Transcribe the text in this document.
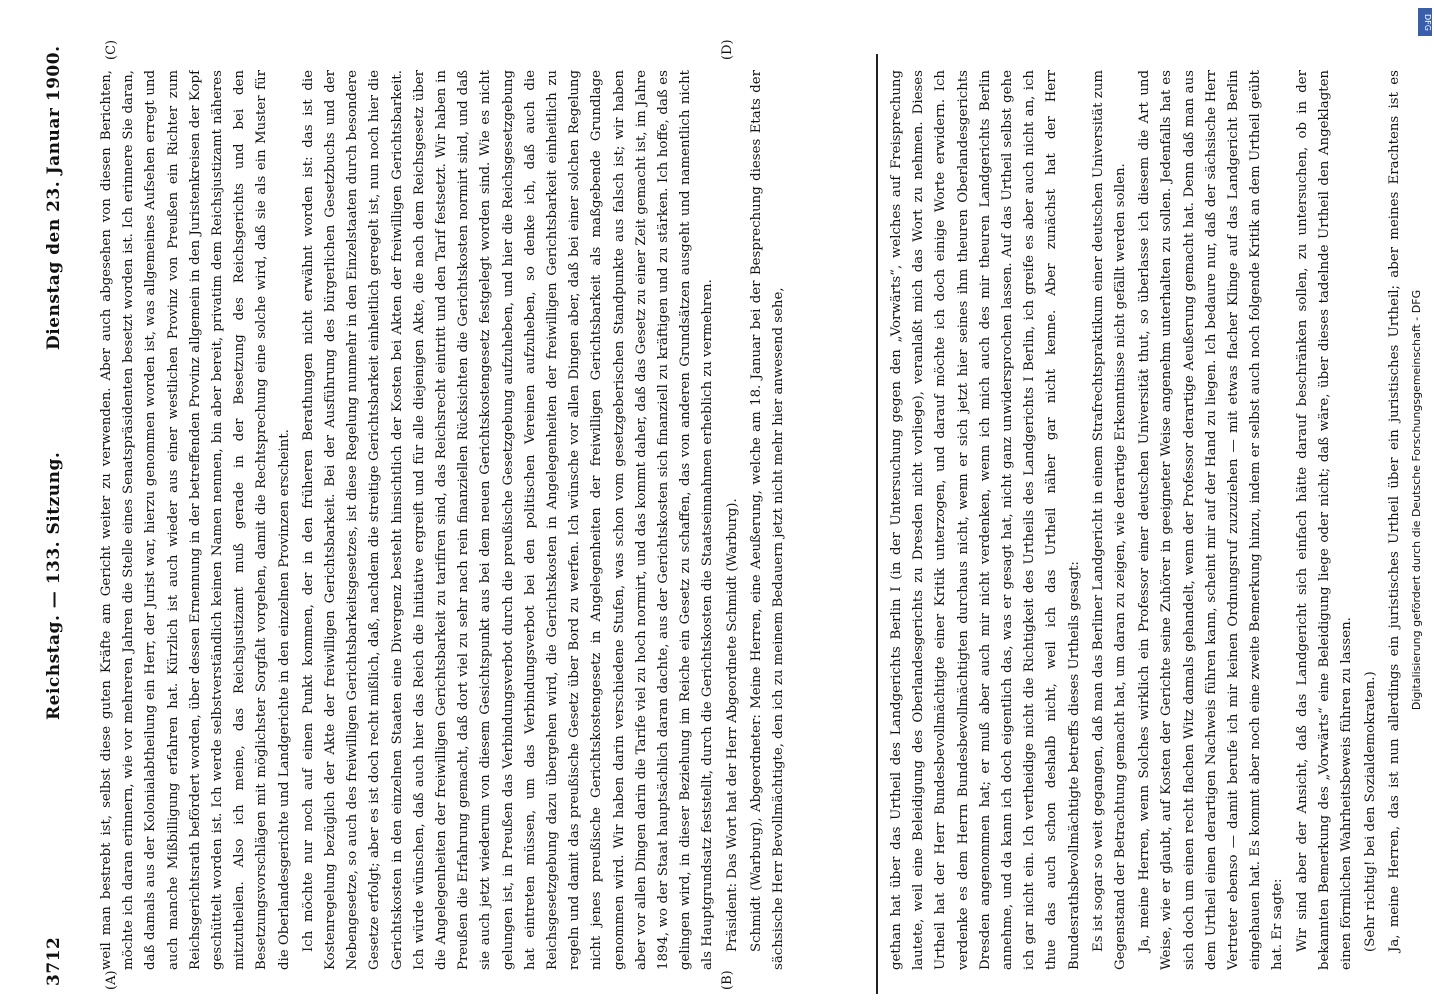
3712
Reichstag. — 133. Sitzung.
Dienstag den 23. Januar 1900.
(A)
(C)
(B)
(D)

weil man bestrebt ist, selbst diese guten Kräfte am Gericht weiter zu verwenden. Aber auch abgesehen von diesen Berichten, möchte ich daran erinnern, wie vor mehreren Jahren die Stelle eines Senatspräsidenten besetzt worden ist. Ich erinnere Sie daran, daß damals aus der Kolonialabtheilung ein Herr, der Jurist war, hierzu genommen worden ist, was allgemeines Aufsehen erregt und auch manche Mißbilligung erfahren hat. Kürzlich ist auch wieder aus einer westlichen Provinz von Preußen ein Richter zum Reichsgerichtsrath befördert worden, über dessen Ernennung in der betreffenden Provinz allgemein in den Juristenkreisen der Kopf geschüttelt worden ist. Ich werde selbstverständlich keinen Namen nennen, bin aber bereit, privatim dem Reichsjustizamt näheres mitzutheilen. Also ich meine, das Reichsjustizamt muß gerade in der Besetzung des Reichsgerichts und bei den Besetzungsvorschlägen mit möglichster Sorgfalt vorgehen, damit die Rechtsprechung eine solche wird, daß sie als ein Muster für die Oberlandesgerichte und Landgerichte in den einzelnen Provinzen erscheint. Ich möchte nur noch auf einen Punkt kommen, der in den früheren Berathungen nicht erwähnt worden ist: das ist die Kostenregelung bezüglich der Akte der freiwilligen Gerichtsbarkeit. Bei der Ausführung des bürgerlichen Gesetzbuchs und der Nebengesetze, so auch des freiwilligen Gerichtsbarkeitsgesetzes, ist diese Regelung nunmehr in den Einzelstaaten durch besondere Gesetze erfolgt; aber es ist doch recht mißlich, daß, nachdem die streitige Gerichtsbarkeit einheitlich geregelt ist, nun noch hier die Gerichtskosten in den einzelnen Staaten eine Divergenz besteht hinsichtlich der Kosten bei Akten der freiwilligen Gerichtsbarkeit. Ich würde wünschen, daß auch hier das Reich die Initiative ergreift und für alle diejenigen Akte, die nach dem Reichsgesetz über die Angelegenheiten der freiwilligen Gerichtsbarkeit zu tarifiren sind, das Reichsrecht eintritt und den Tarif festsetzt. Wir haben in Preußen die Erfahrung gemacht, daß dort viel zu sehr nach rein finanziellen Rücksichten die Gerichtskosten normirt sind, und daß sie auch jetzt wiederum von diesem Gesichtspunkt aus bei dem neuen Gerichtskostengesetz festgelegt worden sind. Wie es nicht gelungen ist, in Preußen das Verbindungsverbot durch die preußische Gesetzgebung aufzuheben, und hier die Reichsgesetzgebung hat eintreten müssen, um das Verbindungsverbot bei den politischen Vereinen aufzuheben, so denke ich, daß auch die Reichsgesetzgebung dazu übergehen wird, die Gerichtskosten in Angelegenheiten der freiwilligen Gerichtsbarkeit einheitlich zu regeln und damit das preußische Gesetz über Bord zu werfen. Ich wünsche vor allen Dingen aber, daß bei einer solchen Regelung nicht jenes preußische Gerichtskostengesetz in Angelegenheiten der freiwilligen Gerichtsbarkeit als maßgebende Grundlage genommen wird. Wir haben darin verschiedene Stufen, was schon vom gesetzgeberischen Standpunkte aus falsch ist; wir haben aber vor allen Dingen darin die Tarife viel zu hoch normirt, und das kommt daher, daß das Gesetz zu einer Zeit gemacht ist, im Jahre 1894, wo der Staat hauptsächlich daran dachte, aus der Gerichtskosten sich finanziell zu kräftigen und zu stärken. Ich hoffe, daß es gelingen wird, in dieser Beziehung im Reiche ein Gesetz zu schaffen, das von anderen Grundsätzen ausgeht und namentlich nicht als Hauptgrundsatz feststellt, durch die Gerichtskosten die Staatseinnahmen erheblich zu vermehren. Präsident: Das Wort hat der Herr Abgeordnete Schmidt (Warburg). Schmidt (Warburg), Abgeordneter: Meine Herren, eine Aeußerung, welche am 18. Januar bei der Besprechung dieses Etats der sächsische Herr Bevollmächtigte, den ich zu meinem Bedauern jetzt nicht mehr hier anwesend sehe,	gethan hat über das Urtheil des Landgerichts Berlin I (in der Untersuchung gegen den „Vorwärts“, welches auf Freisprechung lautete, weil eine Beleidigung des Oberlandesgerichts zu Dresden nicht vorliege), veranlaßt mich das Wort zu nehmen. Dieses Urtheil hat der Herr Bundesbevollmächtigte einer Kritik unterzogen, und darauf möchte ich doch einige Worte erwidern. Ich verdenke es dem Herrn Bundesbevollmächtigten durchaus nicht, wenn er sich jetzt hier seines ihm theuren Oberlandesgerichts Dresden angenommen hat; er muß aber auch mir nicht verdenken, wenn ich mich auch des mir theuren Landgerichts Berlin annehme, und da kann ich doch eigentlich das, was er gesagt hat, nicht ganz unwidersprochen lassen. Auf das Urtheil selbst gehe ich gar nicht ein. Ich vertheidige nicht die Richtigkeit des Urtheils des Landgerichts I Berlin, ich greife es aber auch nicht an, ich thue das auch schon deshalb nicht, weil ich das Urtheil näher gar nicht kenne. Aber zunächst hat der Herr Bundesrathsbevollmächtigte betreffs dieses Urtheils gesagt: Es ist sogar so weit gegangen, daß man das Berliner Landgericht in einem Strafrechtspraktikum einer deutschen Universität zum Gegenstand der Betrachtung gemacht hat, um daran zu zeigen, wie derartige Erkenntnisse nicht gefällt werden sollen. Ja, meine Herren, wenn Solches wirklich ein Professor einer deutschen Universität thut, so überlasse ich diesem die Art und Weise, wie er glaubt, auf Kosten der Gerichte seine Zuhörer in geeigneter Weise angenehm unterhalten zu sollen. Jedenfalls hat es sich doch um einen recht flachen Witz damals gehandelt, wenn der Professor derartige Aeußerung gemacht hat. Denn daß man aus dem Urtheil einen derartigen Nachweis führen kann, scheint mir auf der Hand zu liegen. Ich bedaure nur, daß der sächsische Herr Vertreter ebenso — damit berufe ich mir keinen Ordnungsruf zuzuziehen — mit etwas flacher Klinge auf das Landgericht Berlin eingehauen hat. Es kommt aber noch eine zweite Bemerkung hinzu, indem er selbst auch noch folgende Kritik an dem Urtheil geübt hat. Er sagte: Wir sind aber der Ansicht, daß das Landgericht sich einfach hätte darauf beschränken sollen, zu untersuchen, ob in der bekannten Bemerkung des „Vorwärts“ eine Beleidigung liege oder nicht; daß wäre, über dieses tadelnde Urtheil den Angeklagten einen förmlichen Wahrheitsbeweis führen zu lassen. (Sehr richtig! bei den Sozialdemokraten.) Ja, meine Herren, das ist nun allerdings ein juristisches Urtheil über ein juristisches Urtheil; aber meines Erachtens ist es

Digitalisierung gefördert durch die Deutsche Forschungsgemeinschaft - DFG
DFG
